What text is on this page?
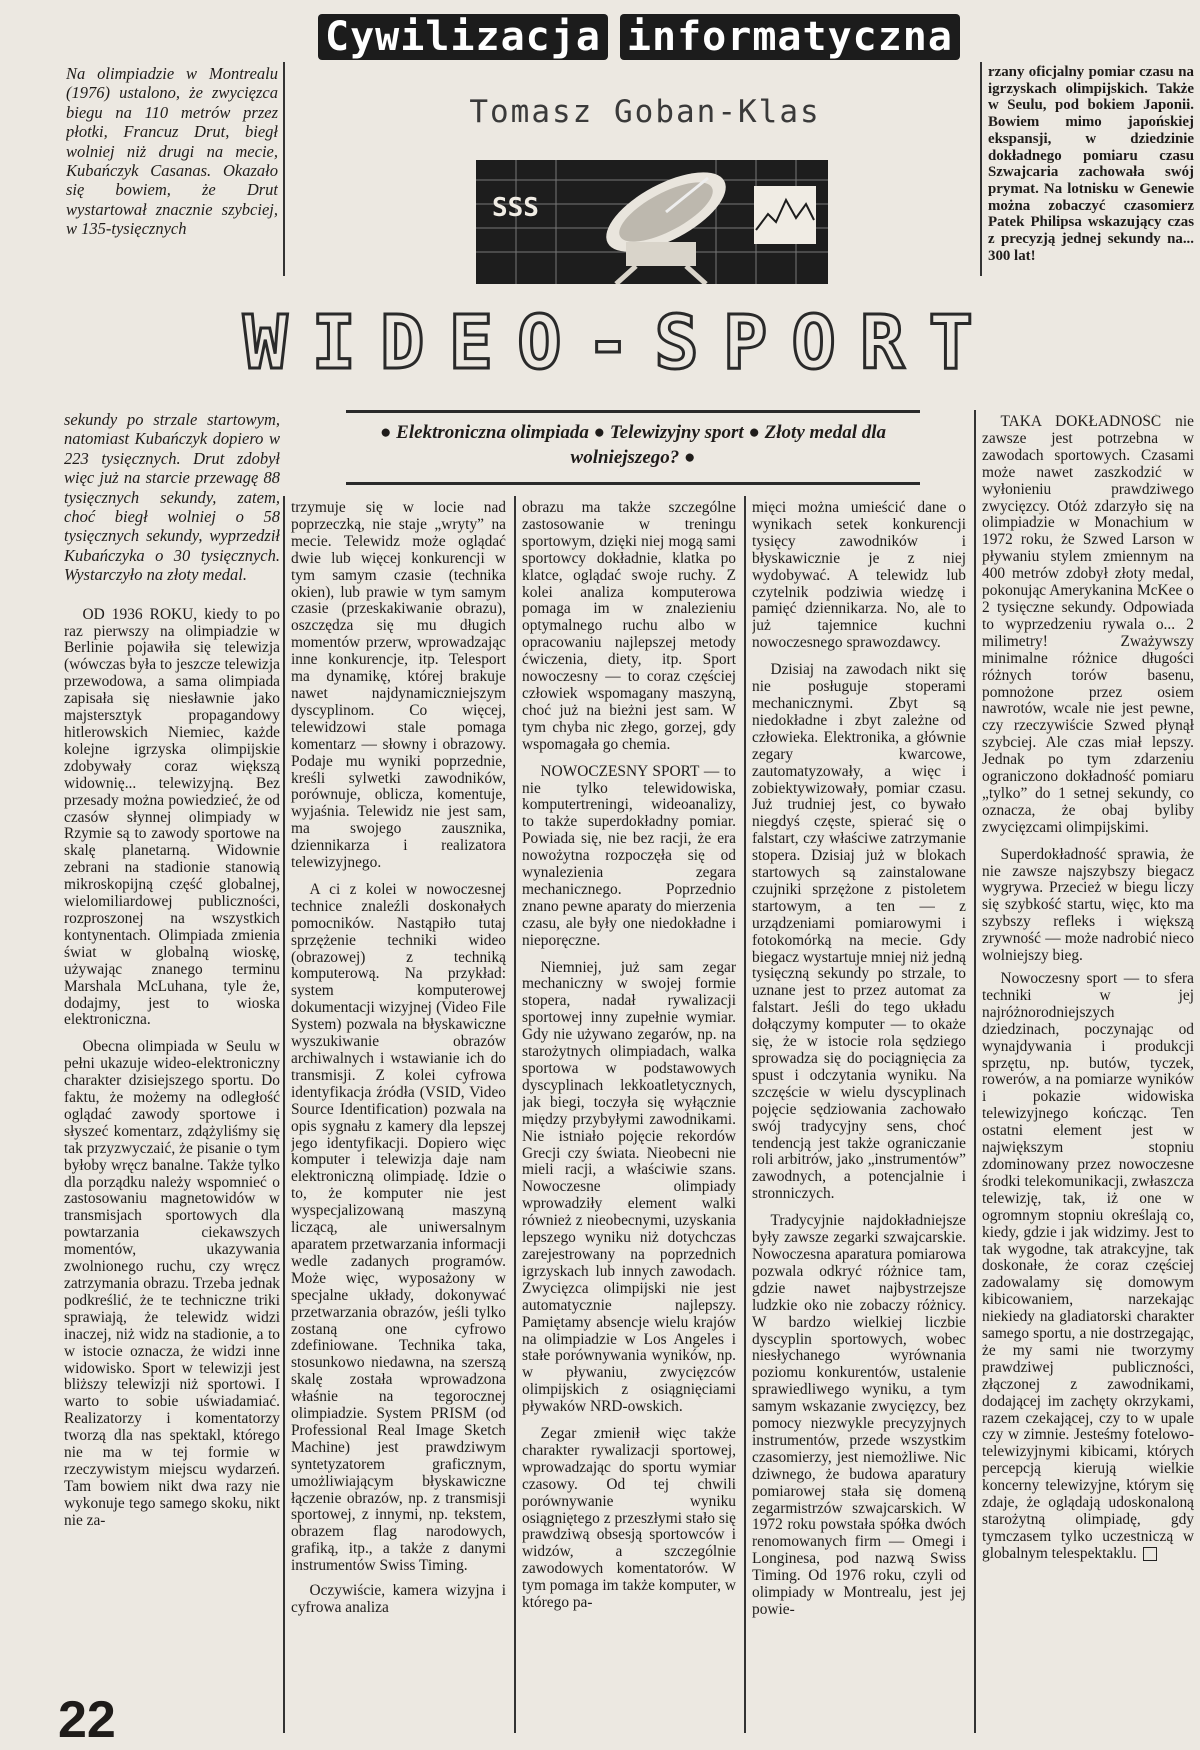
Cywilizacja informatyczna

Na olimpiadzie w Montrealu (1976) ustalono, że zwycięzca biegu na 110 metrów przez płotki, Francuz Drut, biegł wolniej niż drugi na mecie, Kubańczyk Casanas. Okazało się bowiem, że Drut wystartował znacznie szybciej, w 135-tysięcznych

Tomasz Goban-Klas
SSS

rzany oficjalny pomiar czasu na igrzyskach olimpijskich. Także w Seulu, pod bokiem Japonii. Bowiem mimo japońskiej ekspansji, w dziedzinie dokładnego pomiaru czasu Szwajcaria zachowała swój prymat. Na lotnisku w Genewie można zobaczyć czasomierz Patek Philipsa wskazujący czas z precyzją jednej sekundy na... 300 lat!

WIDEO-SPORT
● Elektroniczna olimpiada ● Telewizyjny sport ● Złoty medal dla wolniejszego? ●

sekundy po strzale startowym, natomiast Kubańczyk dopiero w 223 tysięcznych. Drut zdobył więc już na starcie przewagę 88 tysięcznych sekundy, zatem, choć biegł wolniej o 58 tysięcznych sekundy, wyprzedził Kubańczyka o 30 tysięcznych. Wystarczyło na złoty medal.

OD 1936 ROKU, kiedy to po raz pierwszy na olimpiadzie w Berlinie pojawiła się telewizja (wówczas była to jeszcze telewizja przewodowa, a sama olimpiada zapisała się niesławnie jako majstersztyk propagandowy hitlerowskich Niemiec, każde kolejne igrzyska olimpijskie zdobywały coraz większą widownię... telewizyjną. Bez przesady można powiedzieć, że od czasów słynnej olimpiady w Rzymie są to zawody sportowe na skalę planetarną. Widownie zebrani na stadionie stanowią mikroskopijną część globalnej, wielomiliardowej publiczności, rozproszonej na wszystkich kontynentach. Olimpiada zmienia świat w globalną wioskę, używając znanego terminu Marshala McLuhana, tyle że, dodajmy, jest to wioska elektroniczna.

Obecna olimpiada w Seulu w pełni ukazuje wideo-elektroniczny charakter dzisiejszego sportu. Do faktu, że możemy na odległość oglądać zawody sportowe i słyszeć komentarz, zdążyliśmy się tak przyzwyczaić, że pisanie o tym byłoby wręcz banalne. Także tylko dla porządku należy wspomnieć o zastosowaniu magnetowidów w transmisjach sportowych dla powtarzania ciekawszych momentów, ukazywania zwolnionego ruchu, czy wręcz zatrzymania obrazu. Trzeba jednak podkreślić, że te techniczne triki sprawiają, że telewidz widzi inaczej, niż widz na stadionie, a to w istocie oznacza, że widzi inne widowisko. Sport w telewizji jest bliższy telewizji niż sportowi. I warto to sobie uświadamiać. Realizatorzy i komentatorzy tworzą dla nas spektakl, którego nie ma w tej formie w rzeczywistym miejscu wydarzeń. Tam bowiem nikt dwa razy nie wykonuje tego samego skoku, nikt nie za-

trzymuje się w locie nad poprzeczką, nie staje „wryty” na mecie. Telewidz może oglądać dwie lub więcej konkurencji w tym samym czasie (technika okien), lub prawie w tym samym czasie (przeskakiwanie obrazu), oszczędza się mu długich momentów przerw, wprowadzając inne konkurencje, itp. Telesport ma dynamikę, której brakuje nawet najdynamiczniejszym dyscyplinom. Co więcej, telewidzowi stale pomaga komentarz — słowny i obrazowy. Podaje mu wyniki poprzednie, kreśli sylwetki zawodników, porównuje, oblicza, komentuje, wyjaśnia. Telewidz nie jest sam, ma swojego zausznika, dziennikarza i realizatora telewizyjnego.

A ci z kolei w nowoczesnej technice znaleźli doskonałych pomocników. Nastąpiło tutaj sprzężenie techniki wideo (obrazowej) z techniką komputerową. Na przykład: system komputerowej dokumentacji wizyjnej (Video File System) pozwala na błyskawiczne wyszukiwanie obrazów archiwalnych i wstawianie ich do transmisji. Z kolei cyfrowa identyfikacja źródła (VSID, Video Source Identification) pozwala na opis sygnału z kamery dla lepszej jego identyfikacji. Dopiero więc komputer i telewizja daje nam elektroniczną olimpiadę. Idzie o to, że komputer nie jest wyspecjalizowaną maszyną liczącą, ale uniwersalnym aparatem przetwarzania informacji wedle zadanych programów. Może więc, wyposażony w specjalne układy, dokonywać przetwarzania obrazów, jeśli tylko zostaną one cyfrowo zdefiniowane. Technika taka, stosunkowo niedawna, na szerszą skalę została wprowadzona właśnie na tegorocznej olimpiadzie. System PRISM (od Professional Real Image Sketch Machine) jest prawdziwym syntetyzatorem graficznym, umożliwiającym błyskawiczne łączenie obrazów, np. z transmisji sportowej, z innymi, np. tekstem, obrazem flag narodowych, grafiką, itp., a także z danymi instrumentów Swiss Timing.

Oczywiście, kamera wizyjna i cyfrowa analiza

obrazu ma także szczególne zastosowanie w treningu sportowym, dzięki niej mogą sami sportowcy dokładnie, klatka po klatce, oglądać swoje ruchy. Z kolei analiza komputerowa pomaga im w znalezieniu optymalnego ruchu albo w opracowaniu najlepszej metody ćwiczenia, diety, itp. Sport nowoczesny — to coraz częściej człowiek wspomagany maszyną, choć już na bieżni jest sam. W tym chyba nic złego, gorzej, gdy wspomagała go chemia.

NOWOCZESNY SPORT — to nie tylko telewidowiska, komputertreningi, wideoanalizy, to także superdokładny pomiar. Powiada się, nie bez racji, że era nowożytna rozpoczęła się od wynalezienia zegara mechanicznego. Poprzednio znano pewne aparaty do mierzenia czasu, ale były one niedokładne i nieporęczne.

Niemniej, już sam zegar mechaniczny w swojej formie stopera, nadał rywalizacji sportowej inny zupełnie wymiar. Gdy nie używano zegarów, np. na starożytnych olimpiadach, walka sportowa w podstawowych dyscyplinach lekkoatletycznych, jak biegi, toczyła się wyłącznie między przybyłymi zawodnikami. Nie istniało pojęcie rekordów Grecji czy świata. Nieobecni nie mieli racji, a właściwie szans. Nowoczesne olimpiady wprowadziły element walki również z nieobecnymi, uzyskania lepszego wyniku niż dotychczas zarejestrowany na poprzednich igrzyskach lub innych zawodach. Zwycięzca olimpijski nie jest automatycznie najlepszy. Pamiętamy absencje wielu krajów na olimpiadzie w Los Angeles i stałe porównywania wyników, np. w pływaniu, zwycięzców olimpijskich z osiągnięciami pływaków NRD-owskich.

Zegar zmienił więc także charakter rywalizacji sportowej, wprowadzając do sportu wymiar czasowy. Od tej chwili porównywanie wyniku osiągniętego z przeszłymi stało się prawdziwą obsesją sportowców i widzów, a szczególnie zawodowych komentatorów. W tym pomaga im także komputer, w którego pa-

mięci można umieścić dane o wynikach setek konkurencji tysięcy zawodników i błyskawicznie je z niej wydobywać. A telewidz lub czytelnik podziwia wiedzę i pamięć dziennikarza. No, ale to już tajemnice kuchni nowoczesnego sprawozdawcy.

Dzisiaj na zawodach nikt się nie posługuje stoperami mechanicznymi. Zbyt są niedokładne i zbyt zależne od człowieka. Elektronika, a głównie zegary kwarcowe, zautomatyzowały, a więc i zobiektywizowały, pomiar czasu. Już trudniej jest, co bywało niegdyś częste, spierać się o falstart, czy właściwe zatrzymanie stopera. Dzisiaj już w blokach startowych są zainstalowane czujniki sprzężone z pistoletem startowym, a ten — z urządzeniami pomiarowymi i fotokomórką na mecie. Gdy biegacz wystartuje mniej niż jedną tysięczną sekundy po strzale, to uznane jest to przez automat za falstart. Jeśli do tego układu dołączymy komputer — to okaże się, że w istocie rola sędziego sprowadza się do pociągnięcia za spust i odczytania wyniku. Na szczęście w wielu dyscyplinach pojęcie sędziowania zachowało swój tradycyjny sens, choć tendencją jest także ograniczanie roli arbitrów, jako „instrumentów” zawodnych, a potencjalnie i stronniczych.

Tradycyjnie najdokładniejsze były zawsze zegarki szwajcarskie. Nowoczesna aparatura pomiarowa pozwala odkryć różnice tam, gdzie nawet najbystrzejsze ludzkie oko nie zobaczy różnicy. W bardzo wielkiej liczbie dyscyplin sportowych, wobec niesłychanego wyrównania poziomu konkurentów, ustalenie sprawiedliwego wyniku, a tym samym wskazanie zwycięzcy, bez pomocy niezwykle precyzyjnych instrumentów, przede wszystkim czasomierzy, jest niemożliwe. Nic dziwnego, że budowa aparatury pomiarowej stała się domeną zegarmistrzów szwajcarskich. W 1972 roku powstała spółka dwóch renomowanych firm — Omegi i Longinesa, pod nazwą Swiss Timing. Od 1976 roku, czyli od olimpiady w Montrealu, jest jej powie-

TAKA DOKŁADNOŚĆ nie zawsze jest potrzebna w zawodach sportowych. Czasami może nawet zaszkodzić w wyłonieniu prawdziwego zwycięzcy. Otóż zdarzyło się na olimpiadzie w Monachium w 1972 roku, że Szwed Larson w pływaniu stylem zmiennym na 400 metrów zdobył złoty medal, pokonując Amerykanina McKee o 2 tysięczne sekundy. Odpowiada to wyprzedzeniu rywala o... 2 milimetry! Zważywszy minimalne różnice długości różnych torów basenu, pomnożone przez osiem nawrotów, wcale nie jest pewne, czy rzeczywiście Szwed płynął szybciej. Ale czas miał lepszy. Jednak po tym zdarzeniu ograniczono dokładność pomiaru „tylko” do 1 setnej sekundy, co oznacza, że obaj byliby zwycięzcami olimpijskimi.

Superdokładność sprawia, że nie zawsze najszybszy biegacz wygrywa. Przecież w biegu liczy się szybkość startu, więc, kto ma szybszy refleks i większą zrywność — może nadrobić nieco wolniejszy bieg.

Nowoczesny sport — to sfera techniki w jej najróżnorodniejszych dziedzinach, poczynając od wynajdywania i produkcji sprzętu, np. butów, tyczek, rowerów, a na pomiarze wyników i pokazie widowiska telewizyjnego kończąc. Ten ostatni element jest w największym stopniu zdominowany przez nowoczesne środki telekomunikacji, zwłaszcza telewizję, tak, iż one w ogromnym stopniu określają co, kiedy, gdzie i jak widzimy. Jest to tak wygodne, tak atrakcyjne, tak doskonałe, że coraz częściej zadowalamy się domowym kibicowaniem, narzekając niekiedy na gladiatorski charakter samego sportu, a nie dostrzegając, że my sami nie tworzymy prawdziwej publiczności, złączonej z zawodnikami, dodającej im zachęty okrzykami, razem czekającej, czy to w upale czy w zimnie. Jesteśmy fotelowo-telewizyjnymi kibicami, których percepcją kierują wielkie koncerny telewizyjne, którym się zdaje, że oglądają udoskonaloną starożytną olimpiadę, gdy tymczasem tylko uczestniczą w globalnym telespektaklu.

22
